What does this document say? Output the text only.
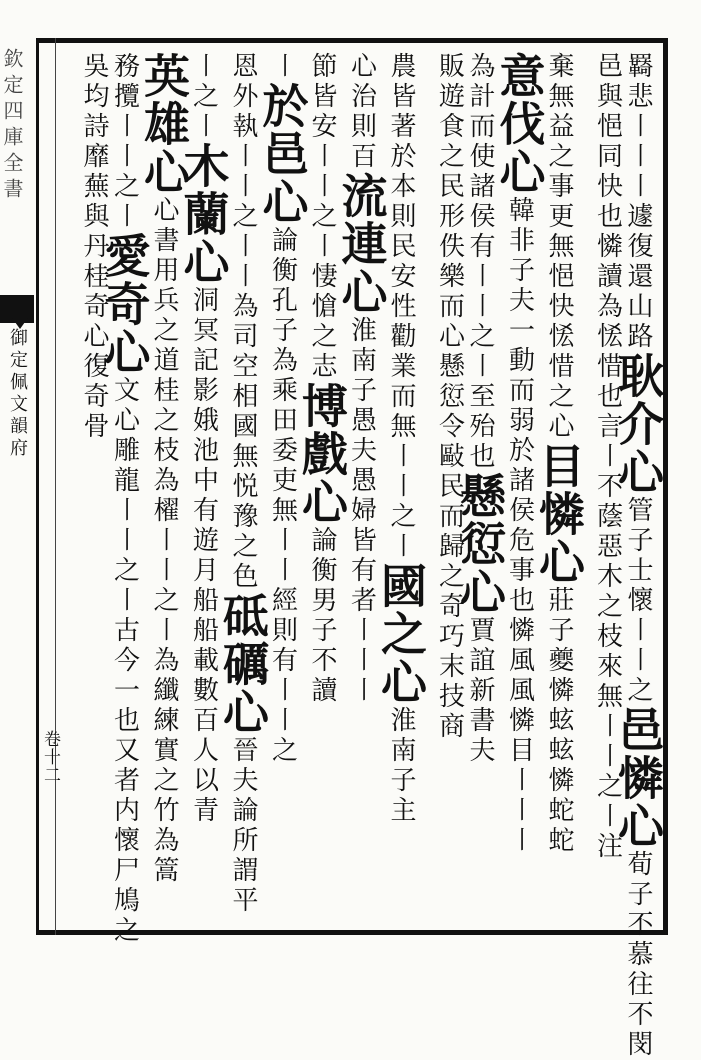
欽定四庫全書
御定佩文韻府
卷十二
羇悲〡〡〡遽復還山路耿介心管子士懷〡〡之邑憐心荀子不慕往不閔
邑與悒同快也憐讀為恡惜也言〡不蔭惡木之枝來無〡〡之〡注
棄無益之事更無悒快恡惜之心目憐心莊子夔憐蚿蚿憐蛇蛇
意伐心韓非子夫一動而弱於諸侯危事也憐風風憐目〡〡〡
為計而使諸侯有〡〡之〡至殆也懸愆心賈誼新書夫
販遊食之民形佚樂而心懸愆令敺民而歸之奇巧末技商
農皆著於本則民安性勸業而無〡〡之〡國之心淮南子主
心治則百流連心淮南子愚夫愚婦皆有者〡〡〡
節皆安〡〡之〡悽愴之志博戲心論衡男子不讀
〡於邑心論衡孔子為乘田委吏無〡〡經則有〡〡之
恩外執〡〡之〡〡為司空相國無悦豫之色砥礪心晉夫論所謂平
〡之〡木蘭心洞冥記影娥池中有遊月船船載數百人以青
英雄心心書用兵之道桂之枝為櫂〡〡之〡為纖練實之竹為篙
務攬〡〡之〡愛奇心文心雕龍〡〡之〡古今一也又者内懷尸鳩之
吳均詩靡蕪與丹桂奇心復奇骨
